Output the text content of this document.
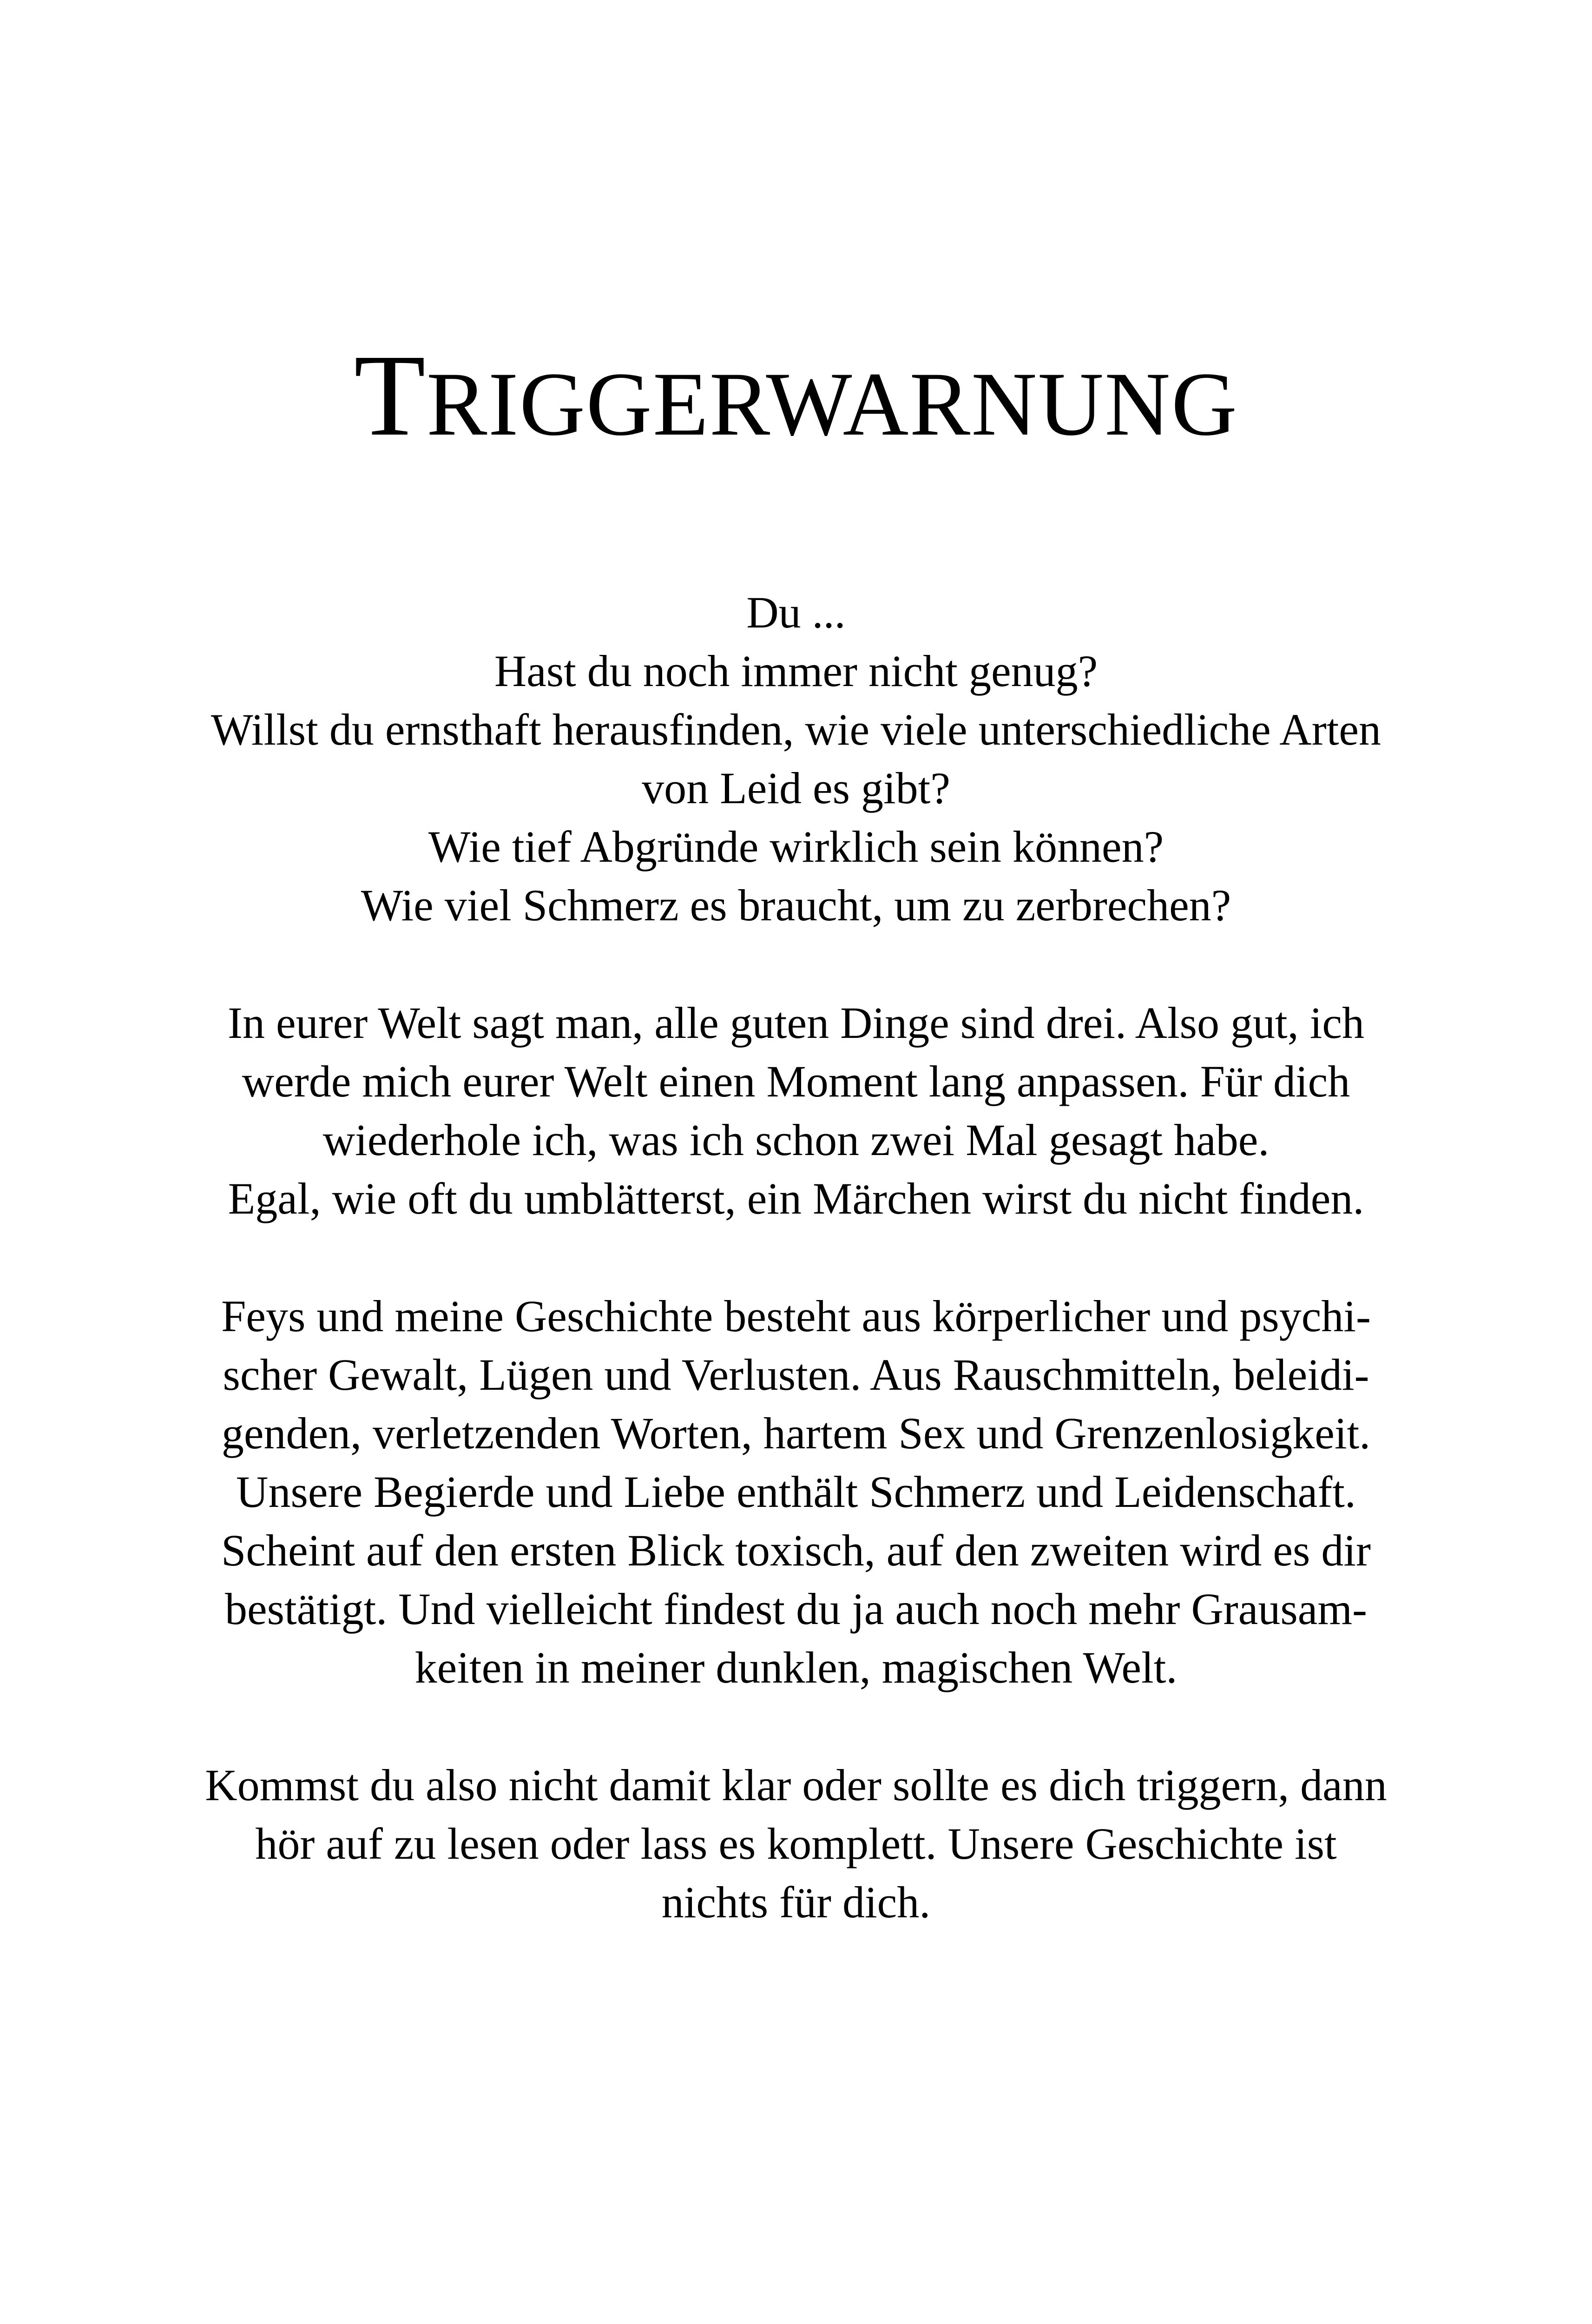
TRIGGERWARNUNG

Du ...
Hast du noch immer nicht genug?
Willst du ernsthaft herausfinden, wie viele unterschiedliche Arten
von Leid es gibt?
Wie tief Abgründe wirklich sein können?
Wie viel Schmerz es braucht, um zu zerbrechen?

In eurer Welt sagt man, alle guten Dinge sind drei. Also gut, ich
werde mich eurer Welt einen Moment lang anpassen. Für dich
wiederhole ich, was ich schon zwei Mal gesagt habe.
Egal, wie oft du umblätterst, ein Märchen wirst du nicht finden.

Feys und meine Geschichte besteht aus körperlicher und psychi-
scher Gewalt, Lügen und Verlusten. Aus Rauschmitteln, beleidi-
genden, verletzenden Worten, hartem Sex und Grenzenlosigkeit.
Unsere Begierde und Liebe enthält Schmerz und Leidenschaft.
Scheint auf den ersten Blick toxisch, auf den zweiten wird es dir
bestätigt. Und vielleicht findest du ja auch noch mehr Grausam-
keiten in meiner dunklen, magischen Welt.

Kommst du also nicht damit klar oder sollte es dich triggern, dann
hör auf zu lesen oder lass es komplett. Unsere Geschichte ist
nichts für dich.
